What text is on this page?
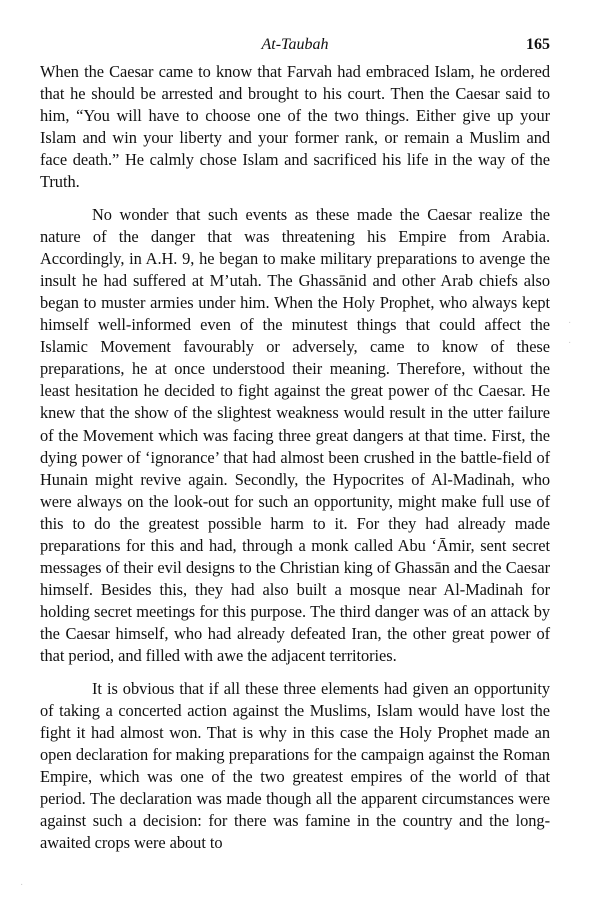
At-Taubah	165

When the Caesar came to know that Farvah had embraced Islam, he ordered that he should be arrested and brought to his court. Then the Caesar said to him, “You will have to choose one of the two things. Either give up your Islam and win your liberty and your former rank, or remain a Muslim and face death.” He calmly chose Islam and sacrificed his life in the way of the Truth.

No wonder that such events as these made the Caesar realize the nature of the danger that was threatening his Empire from Arabia. Accordingly, in A.H. 9, he began to make military preparations to avenge the insult he had suffered at M’utah. The Ghassānid and other Arab chiefs also began to muster armies under him. When the Holy Prophet, who always kept himself well-informed even of the minutest things that could affect the Islamic Movement favourably or adversely, came to know of these preparations, he at once understood their meaning. Therefore, without the least hesitation he decided to fight against the great power of thc Caesar. He knew that the show of the slightest weakness would result in the utter failure of the Movement which was facing three great dangers at that time. First, the dying power of ‘ignorance’ that had almost been crushed in the battle-field of Hunain might revive again. Secondly, the Hypocrites of Al-Madinah, who were always on the look-out for such an opportunity, might make full use of this to do the greatest possible harm to it. For they had already made preparations for this and had, through a monk called Abu ‘Āmir, sent secret messages of their evil designs to the Christian king of Ghassān and the Caesar himself. Besides this, they had also built a mosque near Al-Madinah for holding secret meetings for this purpose. The third danger was of an attack by the Caesar himself, who had already defeated Iran, the other great power of that period, and filled with awe the adjacent territories.

It is obvious that if all these three elements had given an opportunity of taking a concerted action against the Muslims, Islam would have lost the fight it had almost won. That is why in this case the Holy Prophet made an open declaration for making preparations for the campaign against the Roman Empire, which was one of the two greatest empires of the world of that period. The declaration was made though all the apparent circumstances were against such a decision: for there was famine in the country and the long-awaited crops were about to

·
·
·
